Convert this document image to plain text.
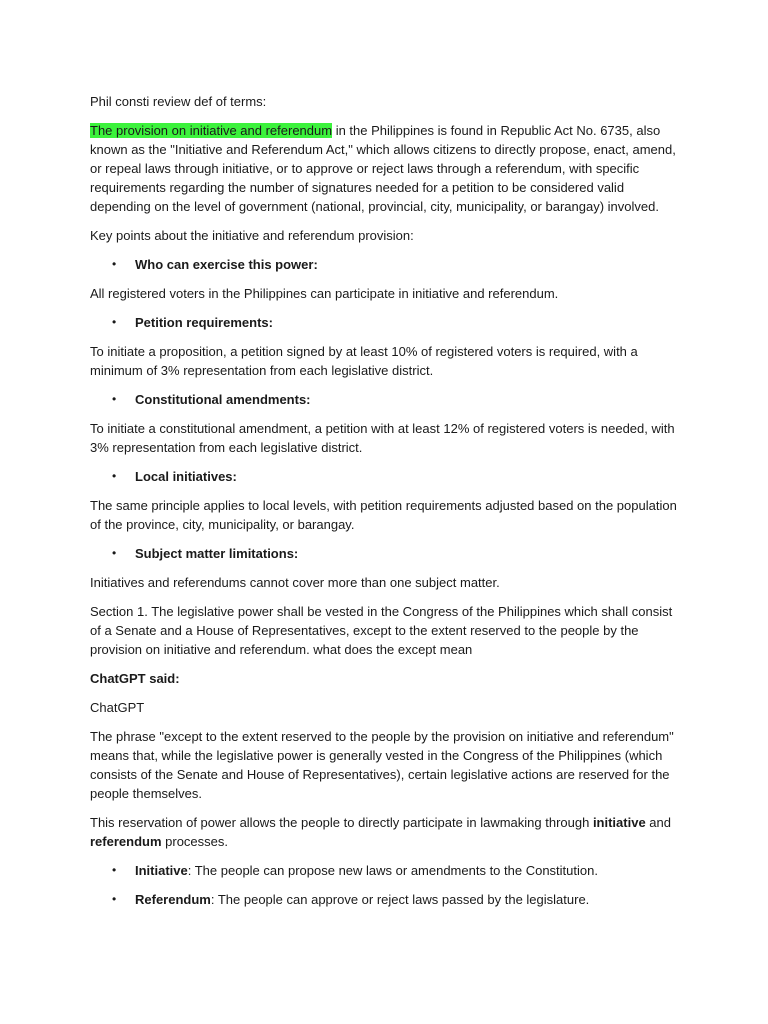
Phil consti review def of terms:

The provision on initiative and referendum in the Philippines is found in Republic Act No. 6735, also known as the "Initiative and Referendum Act," which allows citizens to directly propose, enact, amend, or repeal laws through initiative, or to approve or reject laws through a referendum, with specific requirements regarding the number of signatures needed for a petition to be considered valid depending on the level of government (national, provincial, city, municipality, or barangay) involved.

Key points about the initiative and referendum provision:

• Who can exercise this power:

All registered voters in the Philippines can participate in initiative and referendum.

• Petition requirements:

To initiate a proposition, a petition signed by at least 10% of registered voters is required, with a minimum of 3% representation from each legislative district.

• Constitutional amendments:

To initiate a constitutional amendment, a petition with at least 12% of registered voters is needed, with 3% representation from each legislative district.

• Local initiatives:

The same principle applies to local levels, with petition requirements adjusted based on the population of the province, city, municipality, or barangay.

• Subject matter limitations:

Initiatives and referendums cannot cover more than one subject matter.

Section 1. The legislative power shall be vested in the Congress of the Philippines which shall consist of a Senate and a House of Representatives, except to the extent reserved to the people by the provision on initiative and referendum. what does the except mean

ChatGPT said:

ChatGPT

The phrase "except to the extent reserved to the people by the provision on initiative and referendum" means that, while the legislative power is generally vested in the Congress of the Philippines (which consists of the Senate and House of Representatives), certain legislative actions are reserved for the people themselves.

This reservation of power allows the people to directly participate in lawmaking through initiative and referendum processes.

• Initiative: The people can propose new laws or amendments to the Constitution.
• Referendum: The people can approve or reject laws passed by the legislature.
